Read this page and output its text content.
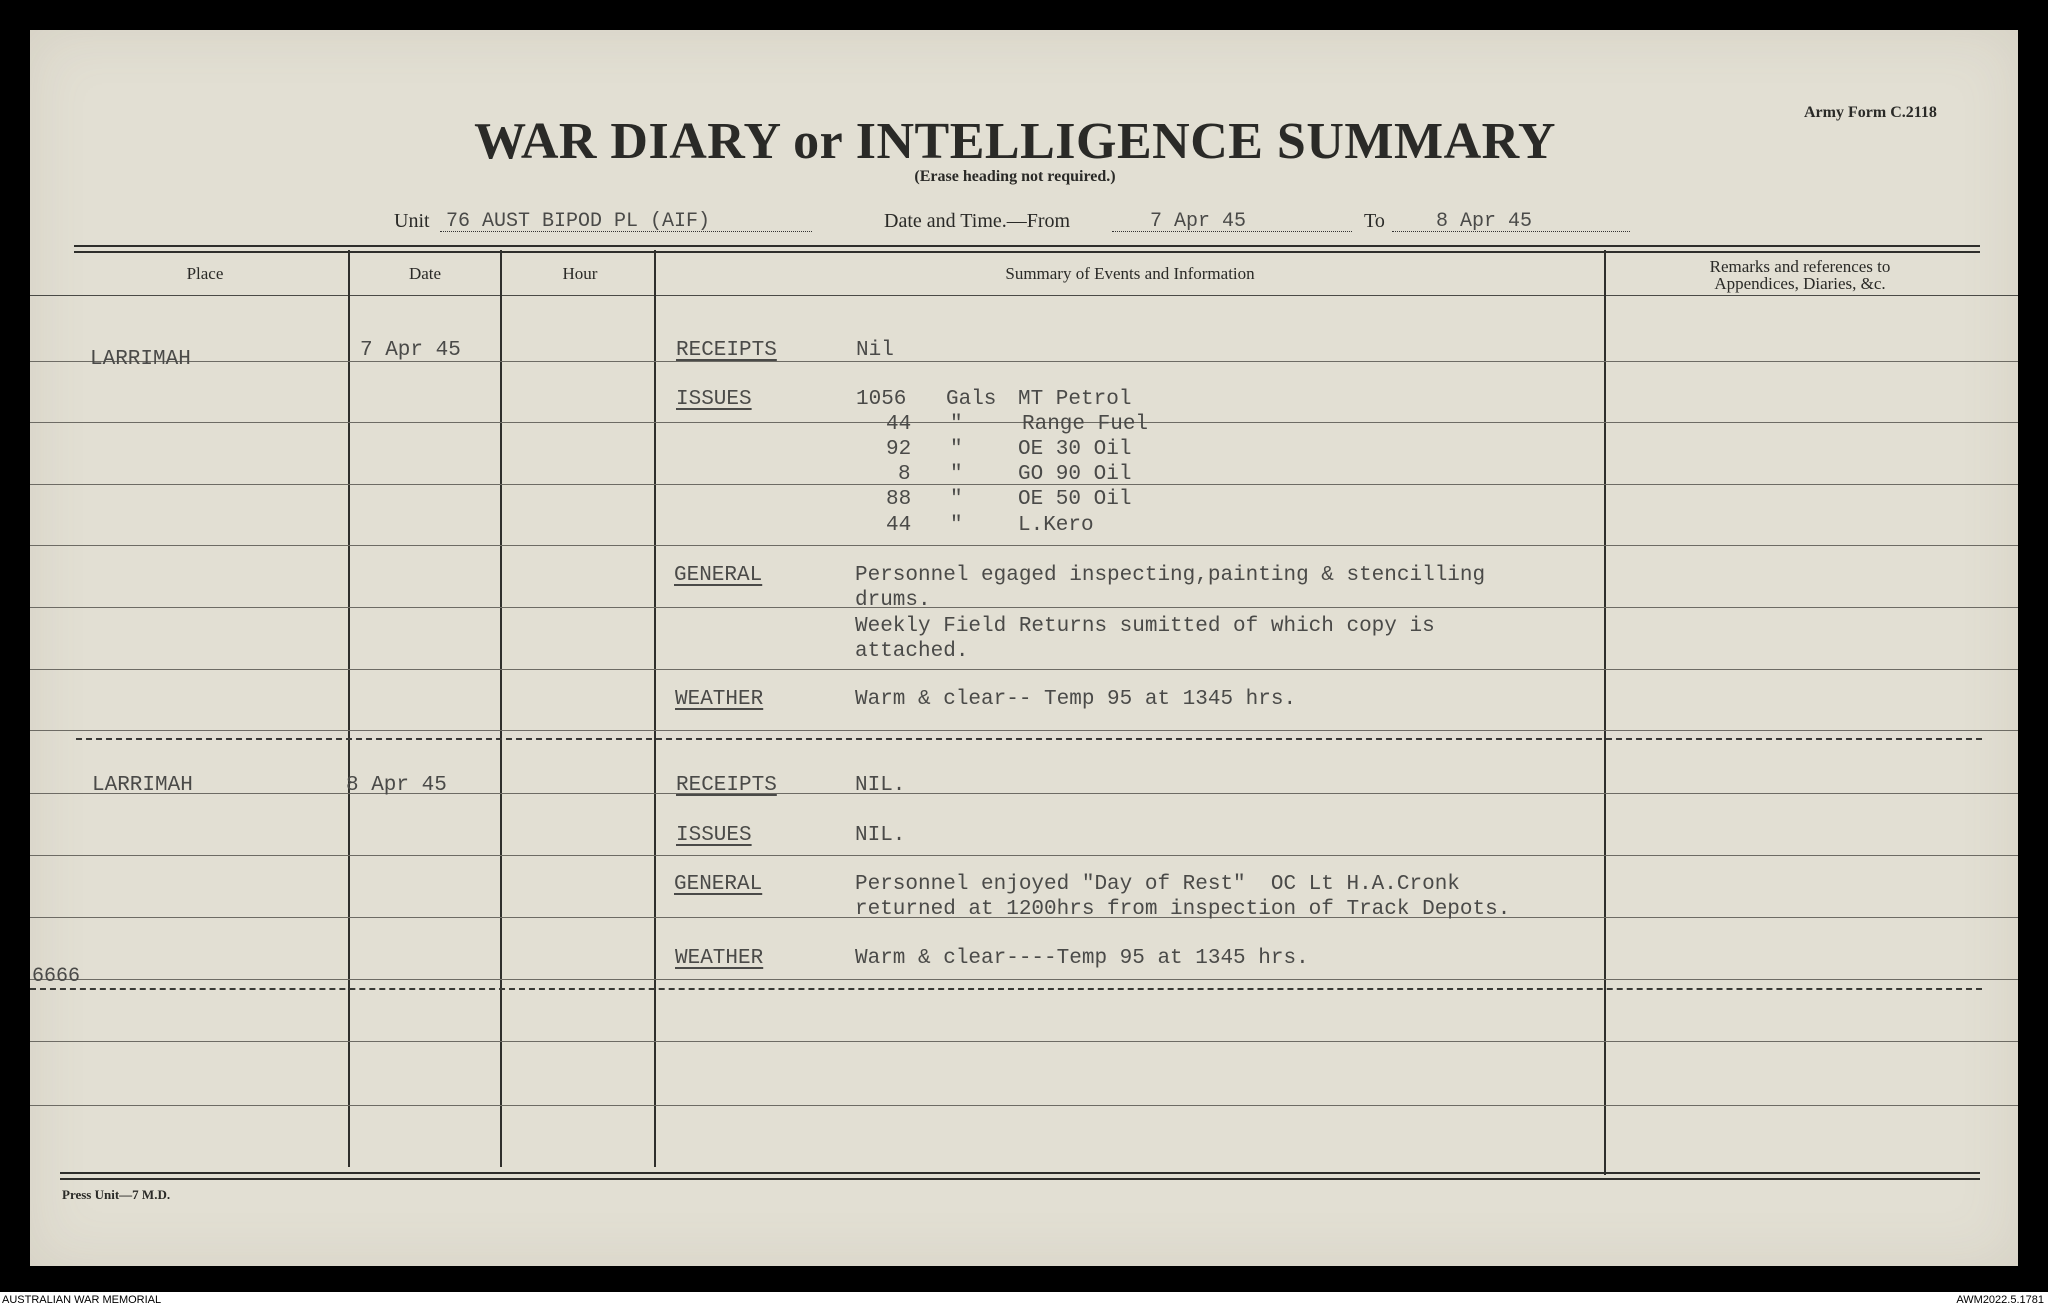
Army Form C.2118
WAR DIARY or INTELLIGENCE SUMMARY
(Erase heading not required.)
Unit 76 AUST BIPOD PL (AIF)	Date and Time.—From	7 Apr 45	To	8 Apr 45
Place	Date	Hour	Summary of Events and Information	Remarks and references to
Appendices, Diaries, &c.
LARRIMAH	7 Apr 45	RECEIPTS	Nil
ISSUES	1056 Gals MT Petrol
44 "	Range Fuel
92 "	OE 30 Oil
8 "	GO 90 Oil
88 "	OE 50 Oil
44 "	L.Kero
GENERAL	Personnel egaged inspecting,painting & stencilling
drums.
Weekly Field Returns sumitted of which copy is
attached.
WEATHER	Warm & clear-- Temp 95 at 1345 hrs.
LARRIMAH	8 Apr 45	RECEIPTS	NIL.
ISSUES	NIL.
GENERAL	Personnel enjoyed "Day of Rest"  OC Lt H.A.Cronk
returned at 1200hrs from inspection of Track Depots.
WEATHER	Warm & clear----Temp 95 at 1345 hrs.
6666
Press Unit—7 M.D.
AUSTRALIAN WAR MEMORIAL	AWM2022.5.1781
